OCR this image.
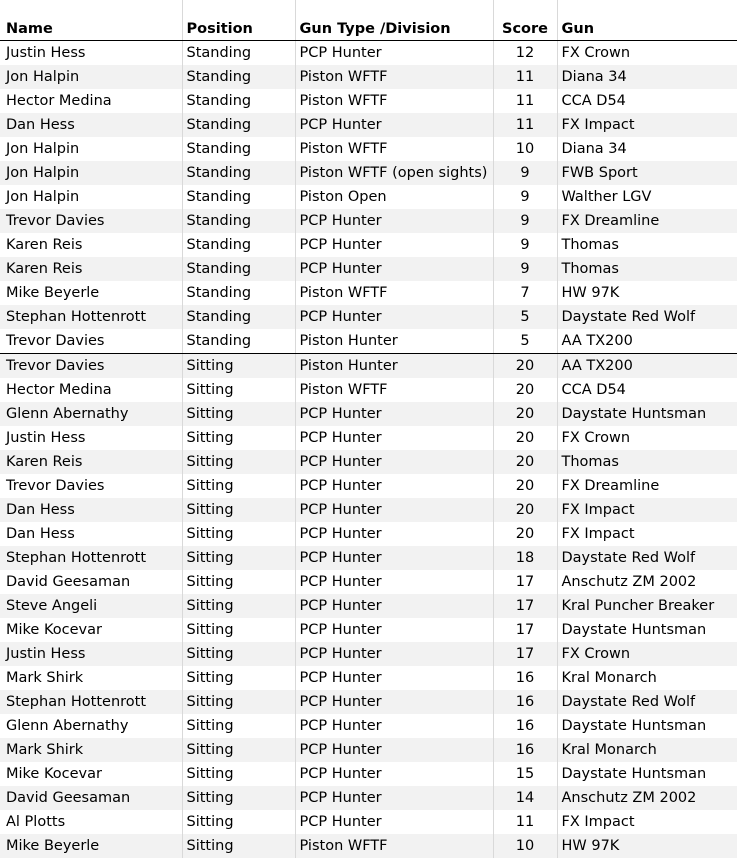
Name	Position	Gun Type /Division	Score	Gun
Justin Hess	Standing	PCP Hunter	12	FX Crown
Jon Halpin	Standing	Piston WFTF	11	Diana 34
Hector Medina	Standing	Piston WFTF	11	CCA D54
Dan Hess	Standing	PCP Hunter	11	FX Impact
Jon Halpin	Standing	Piston WFTF	10	Diana 34
Jon Halpin	Standing	Piston WFTF (open sights)	9	FWB Sport
Jon Halpin	Standing	Piston Open	9	Walther LGV
Trevor Davies	Standing	PCP Hunter	9	FX Dreamline
Karen Reis	Standing	PCP Hunter	9	Thomas
Karen Reis	Standing	PCP Hunter	9	Thomas
Mike Beyerle	Standing	Piston WFTF	7	HW 97K
Stephan Hottenrott	Standing	PCP Hunter	5	Daystate Red Wolf
Trevor Davies	Standing	Piston Hunter	5	AA TX200
Trevor Davies	Sitting	Piston Hunter	20	AA TX200
Hector Medina	Sitting	Piston WFTF	20	CCA D54
Glenn Abernathy	Sitting	PCP Hunter	20	Daystate Huntsman
Justin Hess	Sitting	PCP Hunter	20	FX Crown
Karen Reis	Sitting	PCP Hunter	20	Thomas
Trevor Davies	Sitting	PCP Hunter	20	FX Dreamline
Dan Hess	Sitting	PCP Hunter	20	FX Impact
Dan Hess	Sitting	PCP Hunter	20	FX Impact
Stephan Hottenrott	Sitting	PCP Hunter	18	Daystate Red Wolf
David Geesaman	Sitting	PCP Hunter	17	Anschutz ZM 2002
Steve Angeli	Sitting	PCP Hunter	17	Kral Puncher Breaker
Mike Kocevar	Sitting	PCP Hunter	17	Daystate Huntsman
Justin Hess	Sitting	PCP Hunter	17	FX Crown
Mark Shirk	Sitting	PCP Hunter	16	Kral Monarch
Stephan Hottenrott	Sitting	PCP Hunter	16	Daystate Red Wolf
Glenn Abernathy	Sitting	PCP Hunter	16	Daystate Huntsman
Mark Shirk	Sitting	PCP Hunter	16	Kral Monarch
Mike Kocevar	Sitting	PCP Hunter	15	Daystate Huntsman
David Geesaman	Sitting	PCP Hunter	14	Anschutz ZM 2002
Al Plotts	Sitting	PCP Hunter	11	FX Impact
Mike Beyerle	Sitting	Piston WFTF	10	HW 97K
